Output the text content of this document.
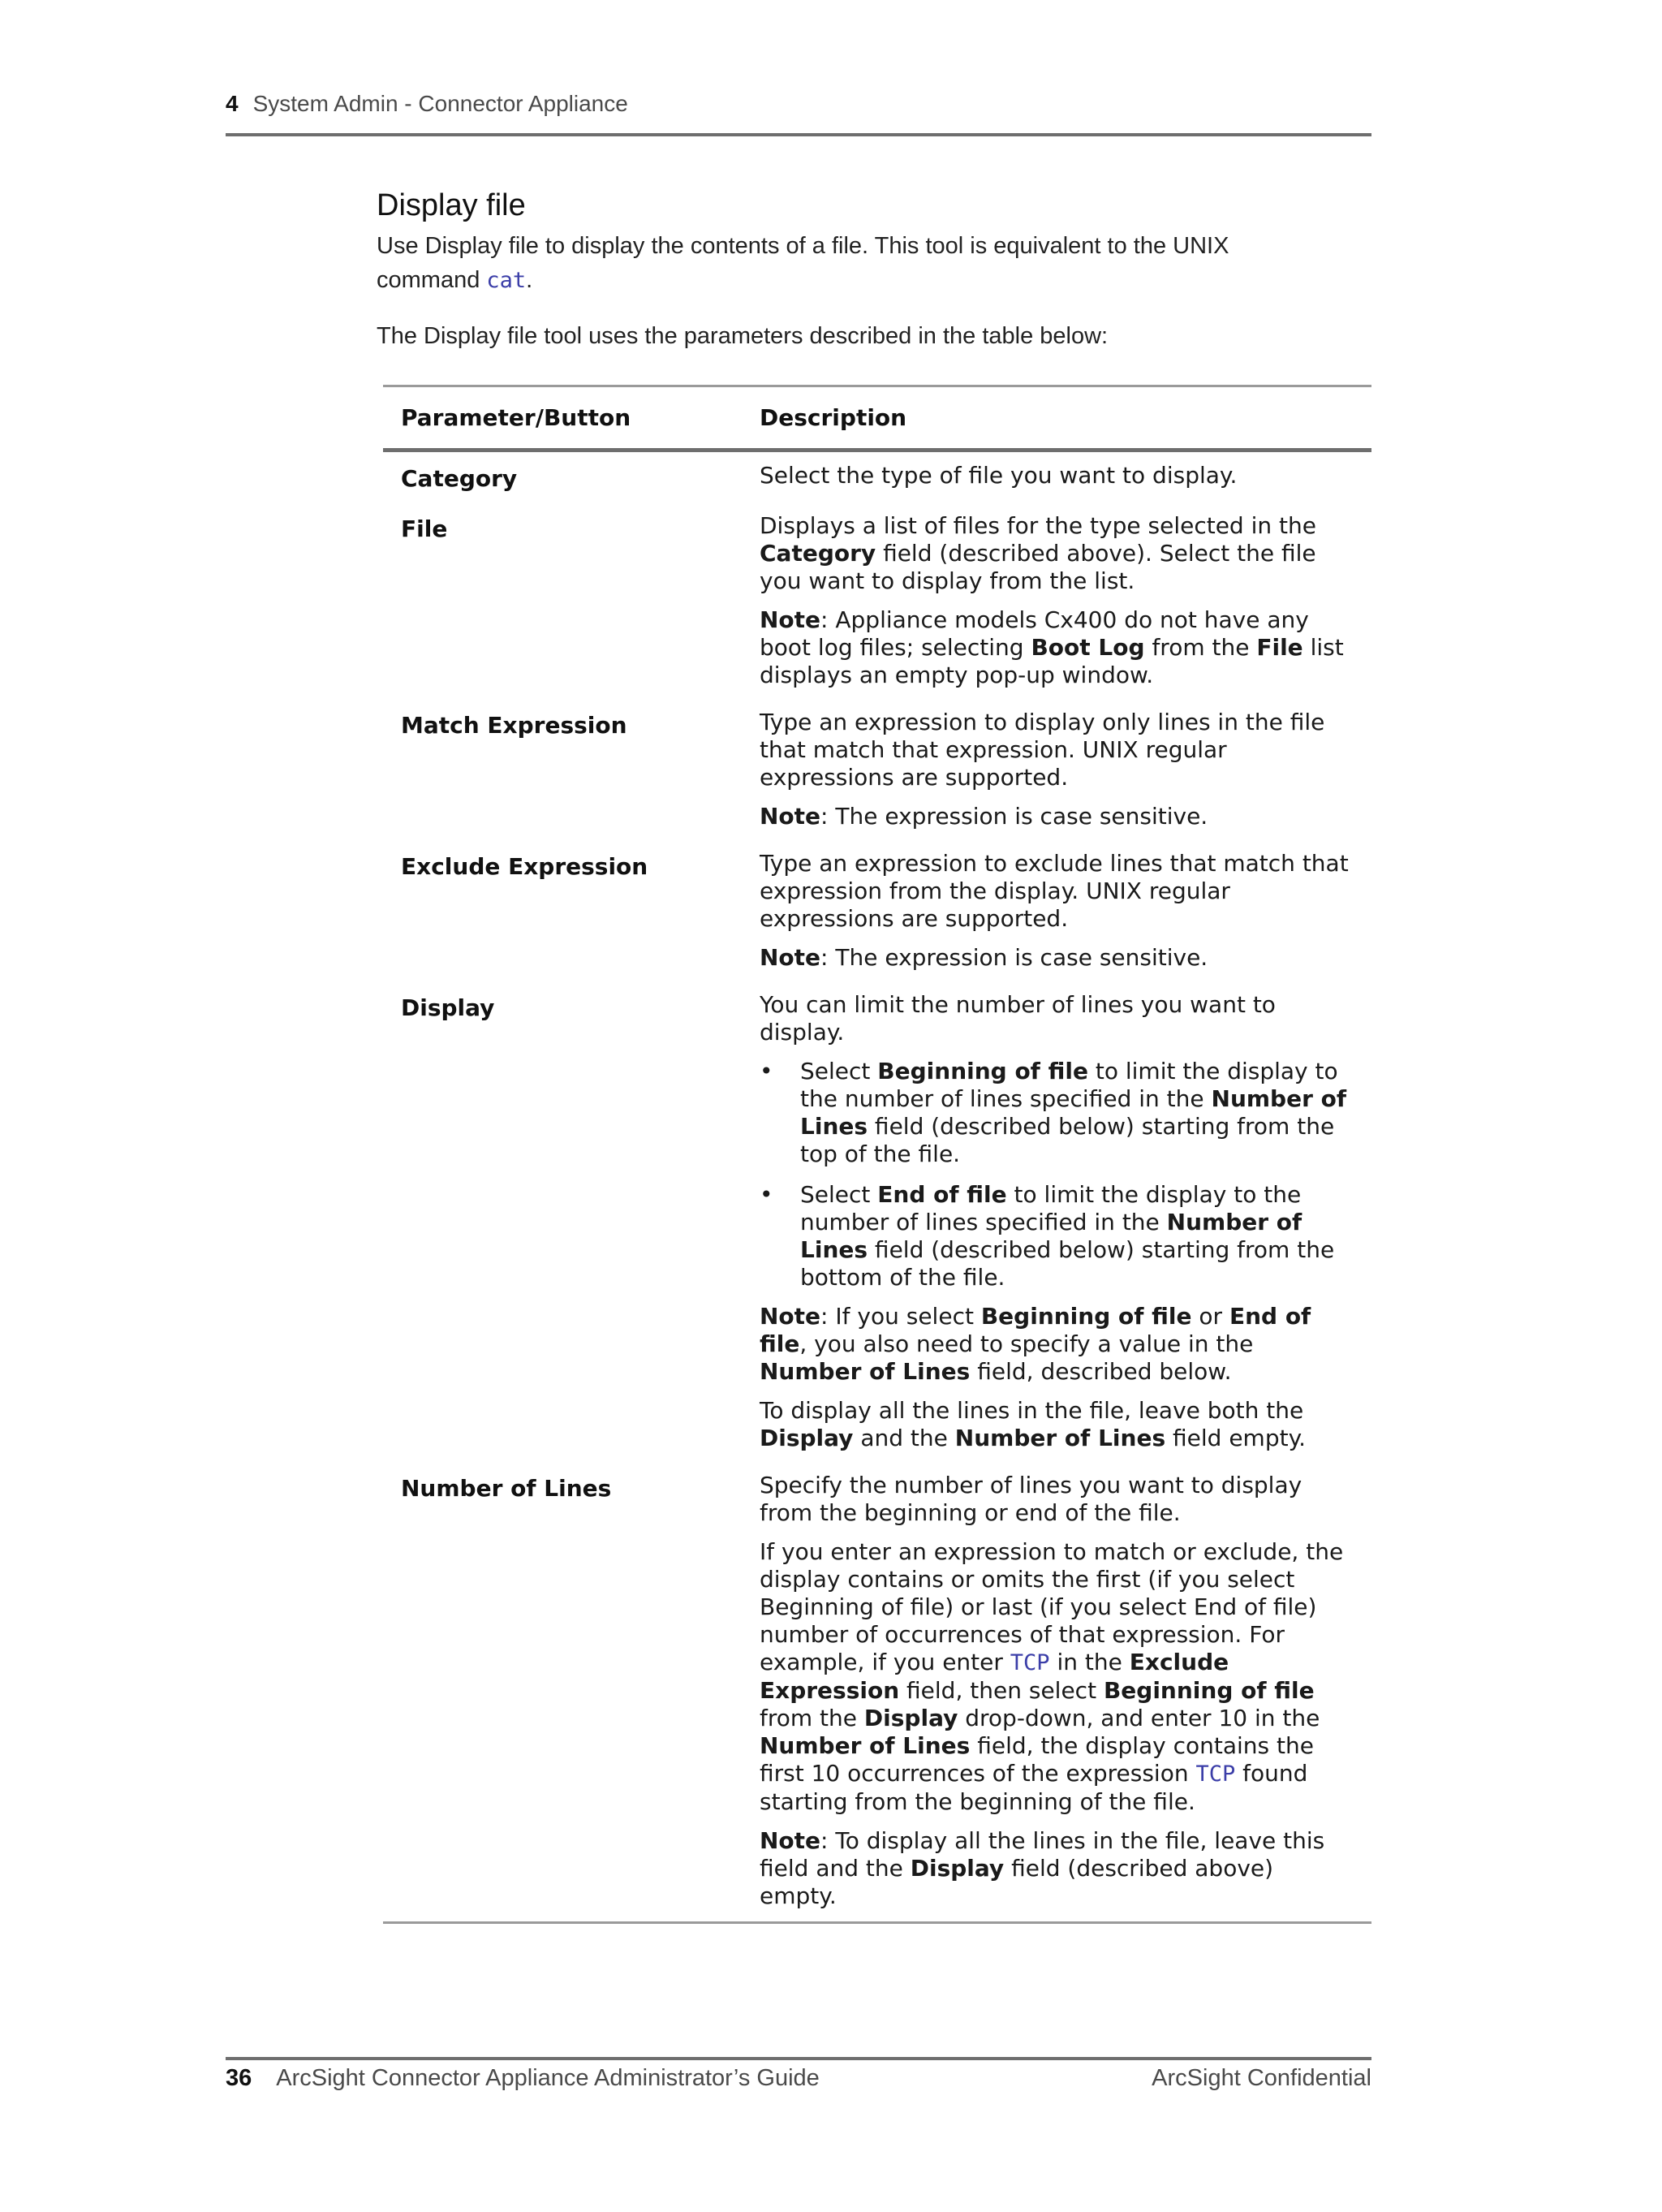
4 System Admin - Connector Appliance
Display file

Use Display file to display the contents of a file. This tool is equivalent to the UNIX

command cat.

The Display file tool uses the parameters described in the table below:

Parameter/Button	Description
Category	Select the type of file you want to display.

File	Displays a list of files for the type selected in the Category field (described above). Select the file you want to display from the list.

Note: Appliance models Cx400 do not have any boot log files; selecting Boot Log from the File list displays an empty pop-up window.

Match Expression	Type an expression to display only lines in the file that match that expression. UNIX regular expressions are supported.

Note: The expression is case sensitive.

Exclude Expression	Type an expression to exclude lines that match that expression from the display. UNIX regular expressions are supported.

Note: The expression is case sensitive.

Display	You can limit the number of lines you want to display.

• Select Beginning of file to limit the display to the number of lines specified in the Number of Lines field (described below) starting from the top of the file.
• Select End of file to limit the display to the number of lines specified in the Number of Lines field (described below) starting from the bottom of the file.

Note: If you select Beginning of file or End of file, you also need to specify a value in the Number of Lines field, described below.

To display all the lines in the file, leave both the Display and the Number of Lines field empty.

Number of Lines	Specify the number of lines you want to display from the beginning or end of the file.

If you enter an expression to match or exclude, the display contains or omits the first (if you select Beginning of file) or last (if you select End of file) number of occurrences of that expression. For example, if you enter TCP in the Exclude Expression field, then select Beginning of file from the Display drop-down, and enter 10 in the Number of Lines field, the display contains the first 10 occurrences of the expression TCP found starting from the beginning of the file.

Note: To display all the lines in the file, leave this field and the Display field (described above) empty.

36 ArcSight Connector Appliance Administrator’s Guide	ArcSight Confidential
